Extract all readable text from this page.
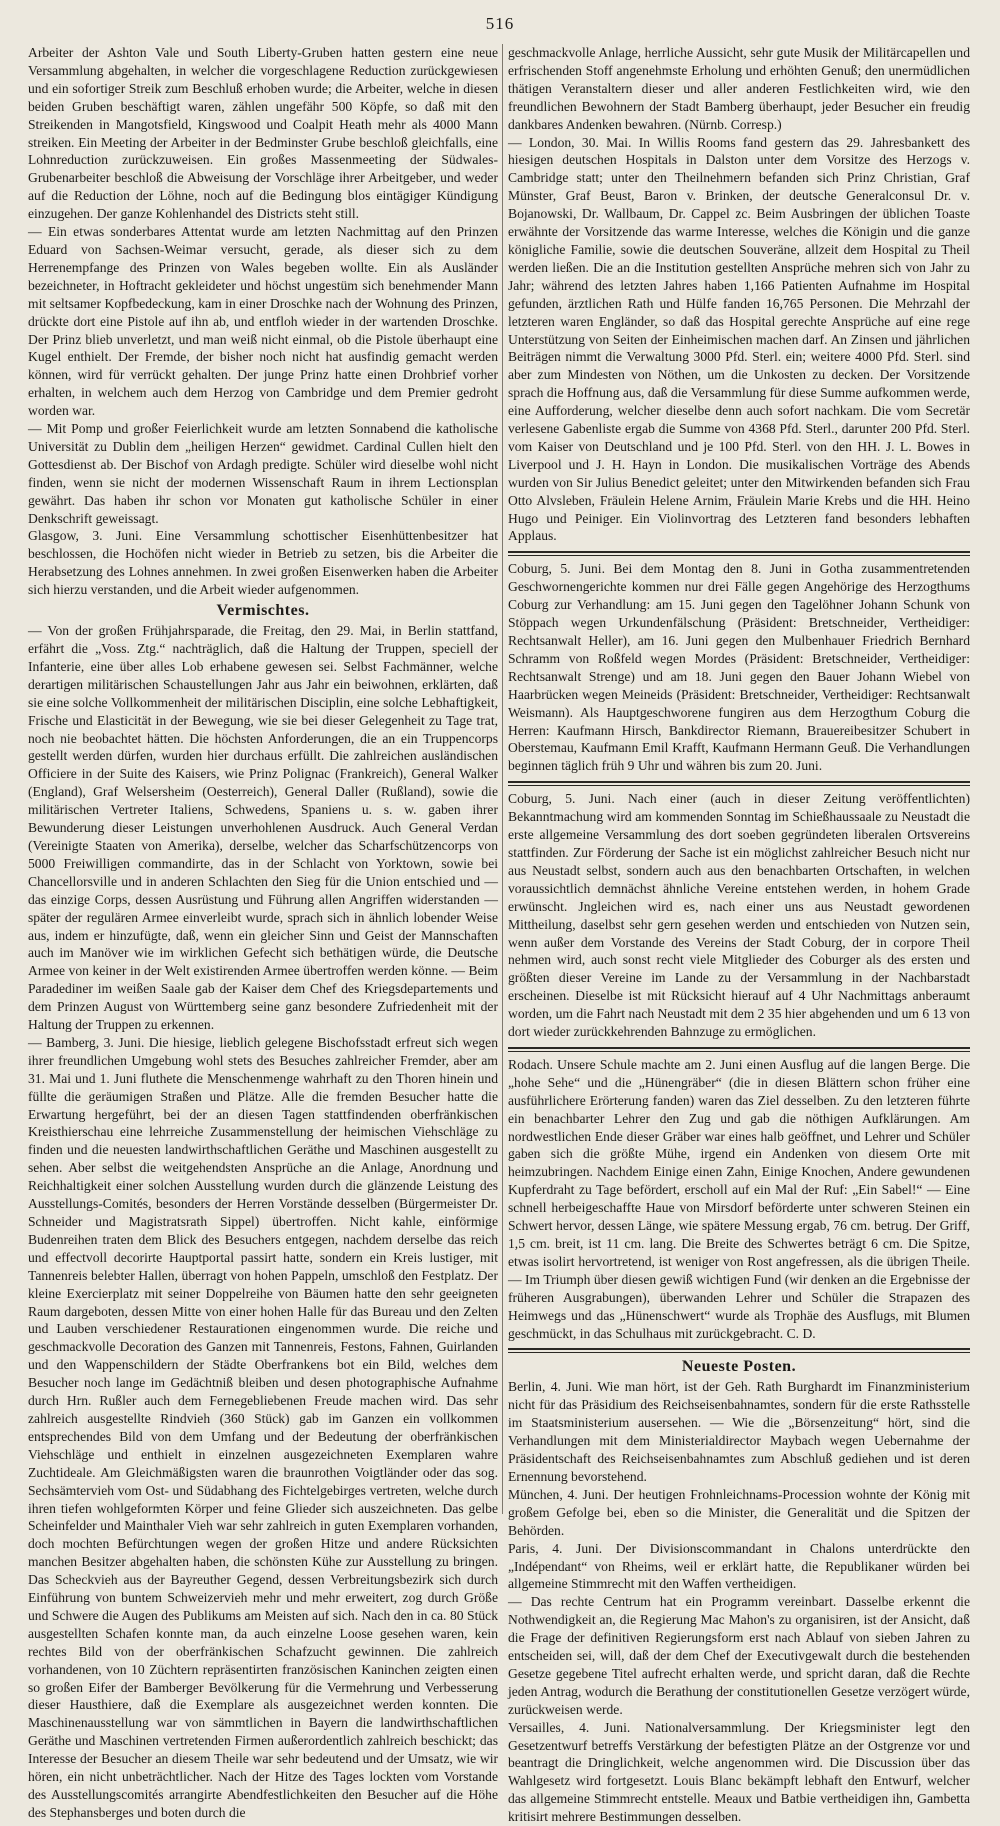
516

Arbeiter der Ashton Vale und South Liberty-Gruben hatten gestern eine neue Versammlung abgehalten, in welcher die vorgeschlagene Reduction zurückgewiesen und ein sofortiger Streik zum Beschluß erhoben wurde; die Arbeiter, welche in diesen beiden Gruben beschäftigt waren, zählen ungefähr 500 Köpfe, so daß mit den Streikenden in Mangotsfield, Kingswood und Coalpit Heath mehr als 4000 Mann streiken. Ein Meeting der Arbeiter in der Bedminster Grube beschloß gleichfalls, eine Lohnreduction zurückzuweisen. Ein großes Massenmeeting der Südwales-Grubenarbeiter beschloß die Abweisung der Vorschläge ihrer Arbeitgeber, und weder auf die Reduction der Löhne, noch auf die Bedingung blos eintägiger Kündigung einzugehen. Der ganze Kohlenhandel des Districts steht still.

— Ein etwas sonderbares Attentat wurde am letzten Nachmittag auf den Prinzen Eduard von Sachsen-Weimar versucht, gerade, als dieser sich zu dem Herrenempfange des Prinzen von Wales begeben wollte. Ein als Ausländer bezeichneter, in Hoftracht gekleideter und höchst ungestüm sich benehmender Mann mit seltsamer Kopfbedeckung, kam in einer Droschke nach der Wohnung des Prinzen, drückte dort eine Pistole auf ihn ab, und entfloh wieder in der wartenden Droschke. Der Prinz blieb unverletzt, und man weiß nicht einmal, ob die Pistole überhaupt eine Kugel enthielt. Der Fremde, der bisher noch nicht hat ausfindig gemacht werden können, wird für verrückt gehalten. Der junge Prinz hatte einen Drohbrief vorher erhalten, in welchem auch dem Herzog von Cambridge und dem Premier gedroht worden war.

— Mit Pomp und großer Feierlichkeit wurde am letzten Sonnabend die katholische Universität zu Dublin dem „heiligen Herzen“ gewidmet. Cardinal Cullen hielt den Gottesdienst ab. Der Bischof von Ardagh predigte. Schüler wird dieselbe wohl nicht finden, wenn sie nicht der modernen Wissenschaft Raum in ihrem Lectionsplan gewährt. Das haben ihr schon vor Monaten gut katholische Schüler in einer Denkschrift geweissagt.

Glasgow, 3. Juni. Eine Versammlung schottischer Eisenhüttenbesitzer hat beschlossen, die Hochöfen nicht wieder in Betrieb zu setzen, bis die Arbeiter die Herabsetzung des Lohnes annehmen. In zwei großen Eisenwerken haben die Arbeiter sich hierzu verstanden, und die Arbeit wieder aufgenommen.

Vermischtes.

— Von der großen Frühjahrsparade, die Freitag, den 29. Mai, in Berlin stattfand, erfährt die „Voss. Ztg.“ nachträglich, daß die Haltung der Truppen, speciell der Infanterie, eine über alles Lob erhabene gewesen sei. Selbst Fachmänner, welche derartigen militärischen Schaustellungen Jahr aus Jahr ein beiwohnen, erklärten, daß sie eine solche Vollkommenheit der militärischen Disciplin, eine solche Lebhaftigkeit, Frische und Elasticität in der Bewegung, wie sie bei dieser Gelegenheit zu Tage trat, noch nie beobachtet hätten. Die höchsten Anforderungen, die an ein Truppencorps gestellt werden dürfen, wurden hier durchaus erfüllt. Die zahlreichen ausländischen Officiere in der Suite des Kaisers, wie Prinz Polignac (Frankreich), General Walker (England), Graf Welsersheim (Oesterreich), General Daller (Rußland), sowie die militärischen Vertreter Italiens, Schwedens, Spaniens u. s. w. gaben ihrer Bewunderung dieser Leistungen unverhohlenen Ausdruck. Auch General Verdan (Vereinigte Staaten von Amerika), derselbe, welcher das Scharfschützencorps von 5000 Freiwilligen commandirte, das in der Schlacht von Yorktown, sowie bei Chancellorsville und in anderen Schlachten den Sieg für die Union entschied und — das einzige Corps, dessen Ausrüstung und Führung allen Angriffen widerstanden — später der regulären Armee einverleibt wurde, sprach sich in ähnlich lobender Weise aus, indem er hinzufügte, daß, wenn ein gleicher Sinn und Geist der Mannschaften auch im Manöver wie im wirklichen Gefecht sich bethätigen würde, die Deutsche Armee von keiner in der Welt existirenden Armee übertroffen werden könne. — Beim Paradediner im weißen Saale gab der Kaiser dem Chef des Kriegsdepartements und dem Prinzen August von Württemberg seine ganz besondere Zufriedenheit mit der Haltung der Truppen zu erkennen.

— Bamberg, 3. Juni. Die hiesige, lieblich gelegene Bischofsstadt erfreut sich wegen ihrer freundlichen Umgebung wohl stets des Besuches zahlreicher Fremder, aber am 31. Mai und 1. Juni fluthete die Menschenmenge wahrhaft zu den Thoren hinein und füllte die geräumigen Straßen und Plätze. Alle die fremden Besucher hatte die Erwartung hergeführt, bei der an diesen Tagen stattfindenden oberfränkischen Kreisthierschau eine lehrreiche Zusammenstellung der heimischen Viehschläge zu finden und die neuesten landwirthschaftlichen Geräthe und Maschinen ausgestellt zu sehen. Aber selbst die weitgehendsten Ansprüche an die Anlage, Anordnung und Reichhaltigkeit einer solchen Ausstellung wurden durch die glänzende Leistung des Ausstellungs-Comités, besonders der Herren Vorstände desselben (Bürgermeister Dr. Schneider und Magistratsrath Sippel) übertroffen. Nicht kahle, einförmige Budenreihen traten dem Blick des Besuchers entgegen, nachdem derselbe das reich und effectvoll decorirte Hauptportal passirt hatte, sondern ein Kreis lustiger, mit Tannenreis belebter Hallen, überragt von hohen Pappeln, umschloß den Festplatz. Der kleine Exercierplatz mit seiner Doppelreihe von Bäumen hatte den sehr geeigneten Raum dargeboten, dessen Mitte von einer hohen Halle für das Bureau und den Zelten und Lauben verschiedener Restaurationen eingenommen wurde. Die reiche und geschmackvolle Decoration des Ganzen mit Tannenreis, Festons, Fahnen, Guirlanden und den Wappenschildern der Städte Oberfrankens bot ein Bild, welches dem Besucher noch lange im Gedächtniß bleiben und desen photographische Aufnahme durch Hrn. Rußler auch dem Fernegebliebenen Freude machen wird. Das sehr zahlreich ausgestellte Rindvieh (360 Stück) gab im Ganzen ein vollkommen entsprechendes Bild von dem Umfang und der Bedeutung der oberfränkischen Viehschläge und enthielt in einzelnen ausgezeichneten Exemplaren wahre Zuchtideale. Am Gleichmäßigsten waren die braunrothen Voigtländer oder das sog. Sechsämtervieh vom Ost- und Südabhang des Fichtelgebirges vertreten, welche durch ihren tiefen wohlgeformten Körper und feine Glieder sich auszeichneten. Das gelbe Scheinfelder und Mainthaler Vieh war sehr zahlreich in guten Exemplaren vorhanden, doch mochten Befürchtungen wegen der großen Hitze und andere Rücksichten manchen Besitzer abgehalten haben, die schönsten Kühe zur Ausstellung zu bringen. Das Scheckvieh aus der Bayreuther Gegend, dessen Verbreitungsbezirk sich durch Einführung von buntem Schweizervieh mehr und mehr erweitert, zog durch Größe und Schwere die Augen des Publikums am Meisten auf sich. Nach den in ca. 80 Stück ausgestellten Schafen konnte man, da auch einzelne Loose gesehen waren, kein rechtes Bild von der oberfränkischen Schafzucht gewinnen. Die zahlreich vorhandenen, von 10 Züchtern repräsentirten französischen Kaninchen zeigten einen so großen Eifer der Bamberger Bevölkerung für die Vermehrung und Verbesserung dieser Hausthiere, daß die Exemplare als ausgezeichnet werden konnten. Die Maschinenausstellung war von sämmtlichen in Bayern die landwirthschaftlichen Geräthe und Maschinen vertretenden Firmen außerordentlich zahlreich beschickt; das Interesse der Besucher an diesem Theile war sehr bedeutend und der Umsatz, wie wir hören, ein nicht unbeträchtlicher. Nach der Hitze des Tages lockten vom Vorstande des Ausstellungscomités arrangirte Abendfestlichkeiten den Besucher auf die Höhe des Stephansberges und boten durch die

geschmackvolle Anlage, herrliche Aussicht, sehr gute Musik der Militärcapellen und erfrischenden Stoff angenehmste Erholung und erhöhten Genuß; den unermüdlichen thätigen Veranstaltern dieser und aller anderen Festlichkeiten wird, wie den freundlichen Bewohnern der Stadt Bamberg überhaupt, jeder Besucher ein freudig dankbares Andenken bewahren. (Nürnb. Corresp.)

— London, 30. Mai. In Willis Rooms fand gestern das 29. Jahresbankett des hiesigen deutschen Hospitals in Dalston unter dem Vorsitze des Herzogs v. Cambridge statt; unter den Theilnehmern befanden sich Prinz Christian, Graf Münster, Graf Beust, Baron v. Brinken, der deutsche Generalconsul Dr. v. Bojanowski, Dr. Wallbaum, Dr. Cappel zc. Beim Ausbringen der üblichen Toaste erwähnte der Vorsitzende das warme Interesse, welches die Königin und die ganze königliche Familie, sowie die deutschen Souveräne, allzeit dem Hospital zu Theil werden ließen. Die an die Institution gestellten Ansprüche mehren sich von Jahr zu Jahr; während des letzten Jahres haben 1,166 Patienten Aufnahme im Hospital gefunden, ärztlichen Rath und Hülfe fanden 16,765 Personen. Die Mehrzahl der letzteren waren Engländer, so daß das Hospital gerechte Ansprüche auf eine rege Unterstützung von Seiten der Einheimischen machen darf. An Zinsen und jährlichen Beiträgen nimmt die Verwaltung 3000 Pfd. Sterl. ein; weitere 4000 Pfd. Sterl. sind aber zum Mindesten von Nöthen, um die Unkosten zu decken. Der Vorsitzende sprach die Hoffnung aus, daß die Versammlung für diese Summe aufkommen werde, eine Aufforderung, welcher dieselbe denn auch sofort nachkam. Die vom Secretär verlesene Gabenliste ergab die Summe von 4368 Pfd. Sterl., darunter 200 Pfd. Sterl. vom Kaiser von Deutschland und je 100 Pfd. Sterl. von den HH. J. L. Bowes in Liverpool und J. H. Hayn in London. Die musikalischen Vorträge des Abends wurden von Sir Julius Benedict geleitet; unter den Mitwirkenden befanden sich Frau Otto Alvsleben, Fräulein Helene Arnim, Fräulein Marie Krebs und die HH. Heino Hugo und Peiniger. Ein Violinvortrag des Letzteren fand besonders lebhaften Applaus.

Coburg, 5. Juni. Bei dem Montag den 8. Juni in Gotha zusammentretenden Geschwornengerichte kommen nur drei Fälle gegen Angehörige des Herzogthums Coburg zur Verhandlung: am 15. Juni gegen den Tagelöhner Johann Schunk von Stöppach wegen Urkundenfälschung (Präsident: Bretschneider, Vertheidiger: Rechtsanwalt Heller), am 16. Juni gegen den Mulbenhauer Friedrich Bernhard Schramm von Roßfeld wegen Mordes (Präsident: Bretschneider, Vertheidiger: Rechtsanwalt Strenge) und am 18. Juni gegen den Bauer Johann Wiebel von Haarbrücken wegen Meineids (Präsident: Bretschneider, Vertheidiger: Rechtsanwalt Weismann). Als Hauptgeschworene fungiren aus dem Herzogthum Coburg die Herren: Kaufmann Hirsch, Bankdirector Riemann, Brauereibesitzer Schubert in Oberstemau, Kaufmann Emil Krafft, Kaufmann Hermann Geuß. Die Verhandlungen beginnen täglich früh 9 Uhr und währen bis zum 20. Juni.

Coburg, 5. Juni. Nach einer (auch in dieser Zeitung veröffentlichten) Bekanntmachung wird am kommenden Sonntag im Schießhaussaale zu Neustadt die erste allgemeine Versammlung des dort soeben gegründeten liberalen Ortsvereins stattfinden. Zur Förderung der Sache ist ein möglichst zahlreicher Besuch nicht nur aus Neustadt selbst, sondern auch aus den benachbarten Ortschaften, in welchen voraussichtlich demnächst ähnliche Vereine entstehen werden, in hohem Grade erwünscht. Jngleichen wird es, nach einer uns aus Neustadt gewordenen Mittheilung, daselbst sehr gern gesehen werden und entschieden von Nutzen sein, wenn außer dem Vorstande des Vereins der Stadt Coburg, der in corpore Theil nehmen wird, auch sonst recht viele Mitglieder des Coburger als des ersten und größten dieser Vereine im Lande zu der Versammlung in der Nachbarstadt erscheinen. Dieselbe ist mit Rücksicht hierauf auf 4 Uhr Nachmittags anberaumt worden, um die Fahrt nach Neustadt mit dem 2 35 hier abgehenden und um 6 13 von dort wieder zurückkehrenden Bahnzuge zu ermöglichen.

Rodach. Unsere Schule machte am 2. Juni einen Ausflug auf die langen Berge. Die „hohe Sehe“ und die „Hünengräber“ (die in diesen Blättern schon früher eine ausführlichere Erörterung fanden) waren das Ziel desselben. Zu den letzteren führte ein benachbarter Lehrer den Zug und gab die nöthigen Aufklärungen. Am nordwestlichen Ende dieser Gräber war eines halb geöffnet, und Lehrer und Schüler gaben sich die größte Mühe, irgend ein Andenken von diesem Orte mit heimzubringen. Nachdem Einige einen Zahn, Einige Knochen, Andere gewundenen Kupferdraht zu Tage befördert, erscholl auf ein Mal der Ruf: „Ein Sabel!“ — Eine schnell herbeigeschaffte Haue von Mirsdorf beförderte unter schweren Steinen ein Schwert hervor, dessen Länge, wie spätere Messung ergab, 76 cm. betrug. Der Griff, 1,5 cm. breit, ist 11 cm. lang. Die Breite des Schwertes beträgt 6 cm. Die Spitze, etwas isolirt hervortretend, ist weniger von Rost angefressen, als die übrigen Theile. — Im Triumph über diesen gewiß wichtigen Fund (wir denken an die Ergebnisse der früheren Ausgrabungen), überwanden Lehrer und Schüler die Strapazen des Heimwegs und das „Hünenschwert“ wurde als Trophäe des Ausflugs, mit Blumen geschmückt, in das Schulhaus mit zurückgebracht. C. D.

Neueste Posten.

Berlin, 4. Juni. Wie man hört, ist der Geh. Rath Burghardt im Finanzministerium nicht für das Präsidium des Reichseisenbahnamtes, sondern für die erste Rathsstelle im Staatsministerium ausersehen. — Wie die „Börsenzeitung“ hört, sind die Verhandlungen mit dem Ministerialdirector Maybach wegen Uebernahme der Präsidentschaft des Reichseisenbahnamtes zum Abschluß gediehen und ist deren Ernennung bevorstehend.

München, 4. Juni. Der heutigen Frohnleichnams-Procession wohnte der König mit großem Gefolge bei, eben so die Minister, die Generalität und die Spitzen der Behörden.

Paris, 4. Juni. Der Divisionscommandant in Chalons unterdrückte den „Indépendant“ von Rheims, weil er erklärt hatte, die Republikaner würden bei allgemeine Stimmrecht mit den Waffen vertheidigen.

— Das rechte Centrum hat ein Programm vereinbart. Dasselbe erkennt die Nothwendigkeit an, die Regierung Mac Mahon's zu organisiren, ist der Ansicht, daß die Frage der definitiven Regierungsform erst nach Ablauf von sieben Jahren zu entscheiden sei, will, daß der dem Chef der Executivgewalt durch die bestehenden Gesetze gegebene Titel aufrecht erhalten werde, und spricht daran, daß die Rechte jeden Antrag, wodurch die Berathung der constitutionellen Gesetze verzögert würde, zurückweisen werde.

Versailles, 4. Juni. Nationalversammlung. Der Kriegsminister legt den Gesetzentwurf betreffs Verstärkung der befestigten Plätze an der Ostgrenze vor und beantragt die Dringlichkeit, welche angenommen wird. Die Discussion über das Wahlgesetz wird fortgesetzt. Louis Blanc bekämpft lebhaft den Entwurf, welcher das allgemeine Stimmrecht entstelle. Meaux und Batbie vertheidigen ihn, Gambetta kritisirt mehrere Bestimmungen desselben.
